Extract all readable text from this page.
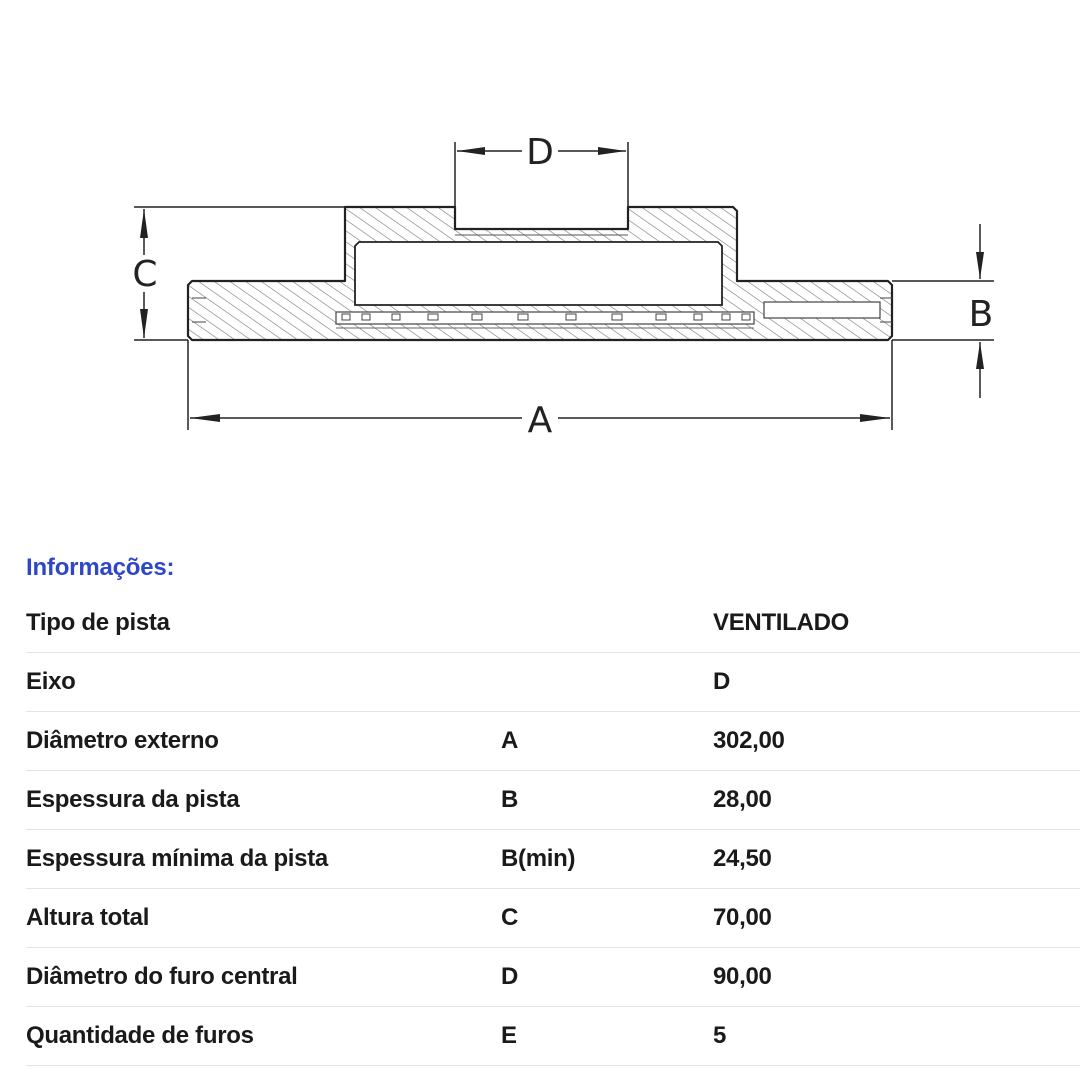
D
C
B
A
Informações:
Tipo de pista		VENTILADO
Eixo		D
Diâmetro externo	A	302,00
Espessura da pista	B	28,00
Espessura mínima da pista	B(min)	24,50
Altura total	C	70,00
Diâmetro do furo central	D	90,00
Quantidade de furos	E	5
